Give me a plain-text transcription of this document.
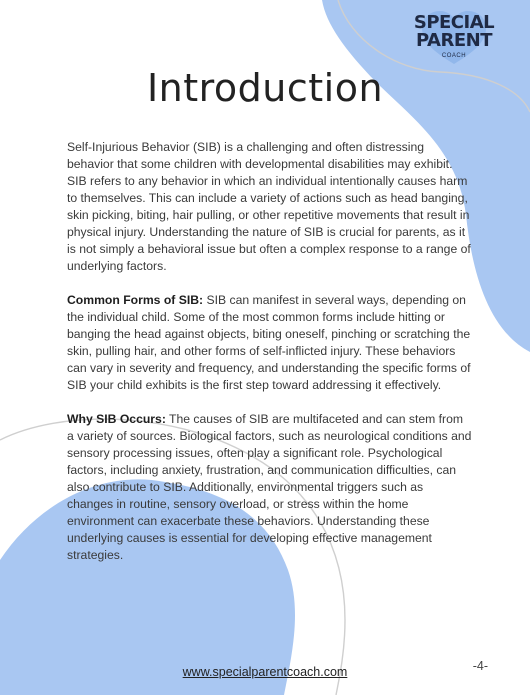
SPECIAL
PARENT
COACH
Introduction

Self-Injurious Behavior (SIB) is a challenging and often distressing behavior that some children with developmental disabilities may exhibit. SIB refers to any behavior in which an individual intentionally causes harm to themselves. This can include a variety of actions such as head banging, skin picking, biting, hair pulling, or other repetitive movements that result in physical injury. Understanding the nature of SIB is crucial for parents, as it is not simply a behavioral issue but often a complex response to a range of underlying factors.

Common Forms of SIB: SIB can manifest in several ways, depending on the individual child. Some of the most common forms include hitting or banging the head against objects, biting oneself, pinching or scratching the skin, pulling hair, and other forms of self-inflicted injury. These behaviors can vary in severity and frequency, and understanding the specific forms of SIB your child exhibits is the first step toward addressing it effectively.

Why SIB Occurs: The causes of SIB are multifaceted and can stem from a variety of sources. Biological factors, such as neurological conditions and sensory processing issues, often play a significant role. Psychological factors, including anxiety, frustration, and communication difficulties, can also contribute to SIB. Additionally, environmental triggers such as changes in routine, sensory overload, or stress within the home environment can exacerbate these behaviors. Understanding these underlying causes is essential for developing effective management strategies.

www.specialparentcoach.com	-4-
